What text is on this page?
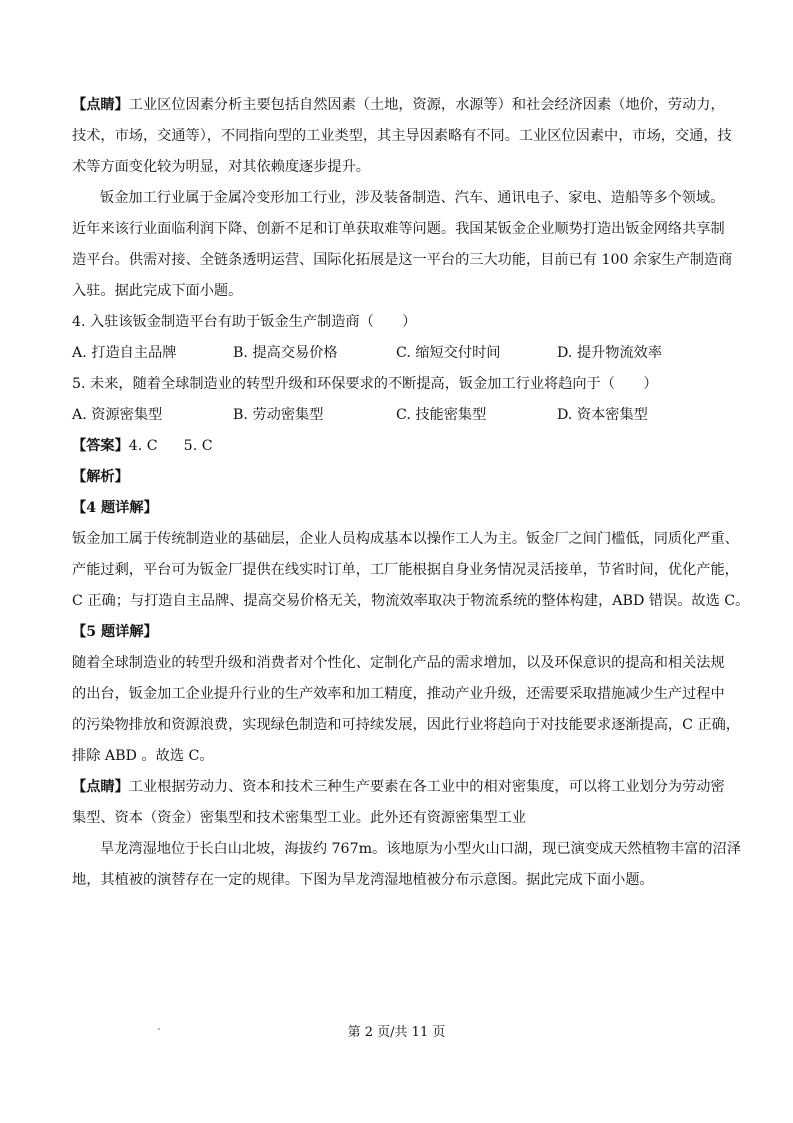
【点睛】工业区位因素分析主要包括自然因素（土地，资源，水源等）和社会经济因素（地价，劳动力，
技术，市场，交通等），不同指向型的工业类型，其主导因素略有不同。工业区位因素中，市场，交通，技
术等方面变化较为明显，对其依赖度逐步提升。
钣金加工行业属于金属冷变形加工行业，涉及装备制造、汽车、通讯电子、家电、造船等多个领域。
近年来该行业面临利润下降、创新不足和订单获取难等问题。我国某钣金企业顺势打造出钣金网络共享制
造平台。供需对接、全链条透明运营、国际化拓展是这一平台的三大功能，目前已有 100 余家生产制造商
入驻。据此完成下面小题。
4. 入驻该钣金制造平台有助于钣金生产制造商（　　）
A. 打造自主品牌	B. 提高交易价格	C. 缩短交付时间	D. 提升物流效率
5. 未来，随着全球制造业的转型升级和环保要求的不断提高，钣金加工行业将趋向于（　　）
A. 资源密集型	B. 劳动密集型	C. 技能密集型	D. 资本密集型
【答案】4. C 5. C
【解析】
【4 题详解】
钣金加工属于传统制造业的基础层，企业人员构成基本以操作工人为主。钣金厂之间门槛低，同质化严重、
产能过剩，平台可为钣金厂提供在线实时订单，工厂能根据自身业务情况灵活接单，节省时间，优化产能，
C 正确；与打造自主品牌、提高交易价格无关，物流效率取决于物流系统的整体构建，ABD 错误。故选 C。
【5 题详解】
随着全球制造业的转型升级和消费者对个性化、定制化产品的需求增加，以及环保意识的提高和相关法规
的出台，钣金加工企业提升行业的生产效率和加工精度，推动产业升级，还需要采取措施减少生产过程中
的污染物排放和资源浪费，实现绿色制造和可持续发展，因此行业将趋向于对技能要求逐渐提高，C 正确，
排除 ABD 。故选 C。
【点睛】工业根据劳动力、资本和技术三种生产要素在各工业中的相对密集度，可以将工业划分为劳动密
集型、资本（资金）密集型和技术密集型工业。此外还有资源密集型工业
旱龙湾湿地位于长白山北坡，海拔约 767m。该地原为小型火山口湖，现已演变成天然植物丰富的沼泽
地，其植被的演替存在一定的规律。下图为旱龙湾湿地植被分布示意图。据此完成下面小题。
第 2 页/共 11 页
